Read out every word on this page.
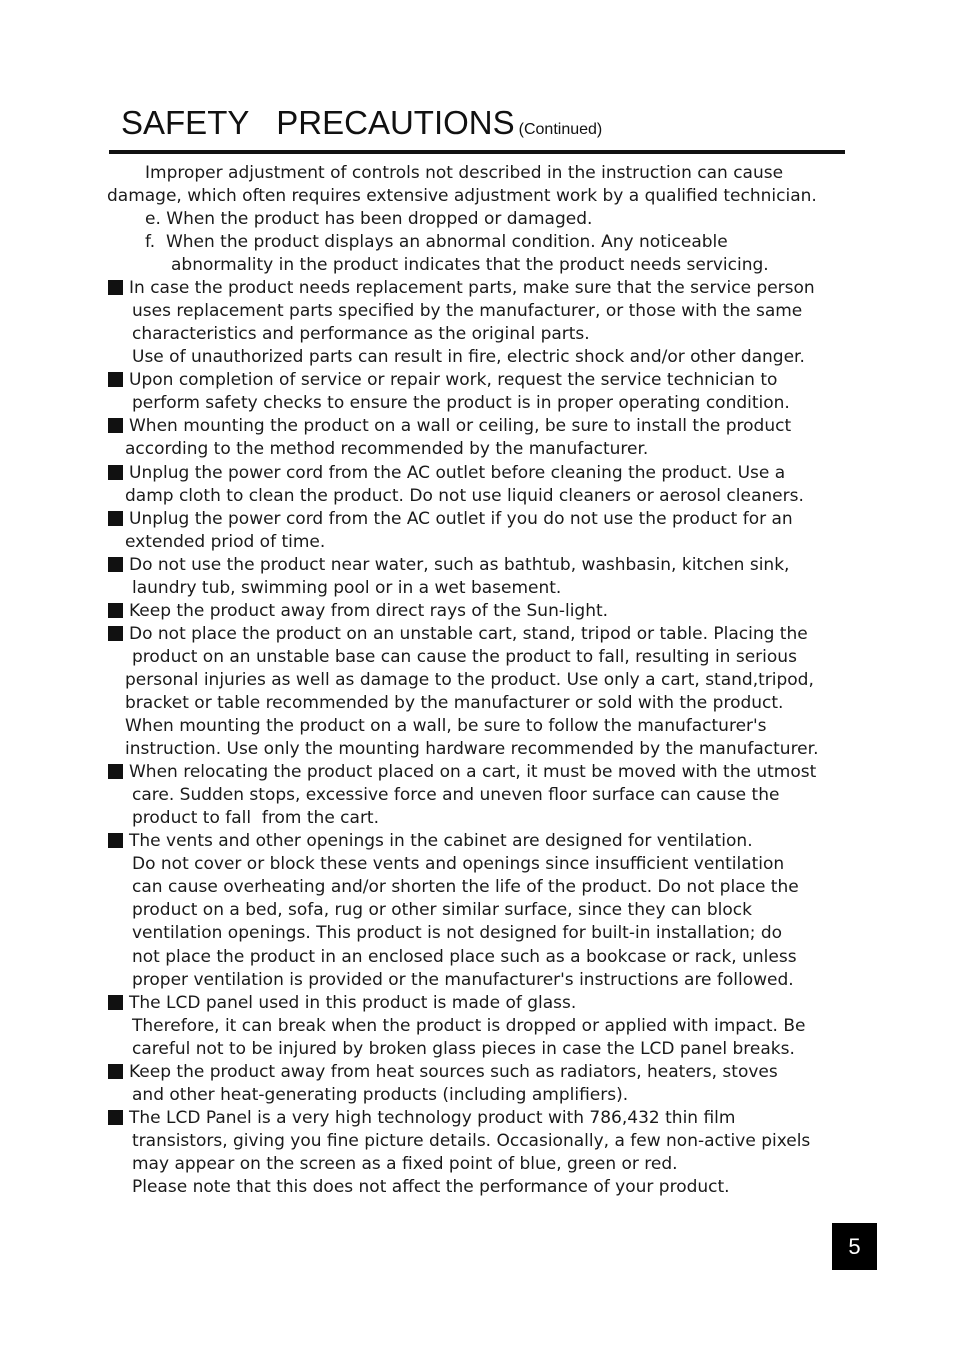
SAFETY   PRECAUTIONS (Continued)
Improper adjustment of controls not described in the instruction can cause
damage, which often requires extensive adjustment work by a qualified technician.
e. When the product has been dropped or damaged.
f.  When the product displays an abnormal condition. Any noticeable
abnormality in the product indicates that the product needs servicing.
In case the product needs replacement parts, make sure that the service person
uses replacement parts specified by the manufacturer, or those with the same
characteristics and performance as the original parts.
Use of unauthorized parts can result in fire, electric shock and/or other danger.
Upon completion of service or repair work, request the service technician to
perform safety checks to ensure the product is in proper operating condition.
When mounting the product on a wall or ceiling, be sure to install the product
according to the method recommended by the manufacturer.
Unplug the power cord from the AC outlet before cleaning the product. Use a
damp cloth to clean the product. Do not use liquid cleaners or aerosol cleaners.
Unplug the power cord from the AC outlet if you do not use the product for an
extended priod of time.
Do not use the product near water, such as bathtub, washbasin, kitchen sink,
laundry tub, swimming pool or in a wet basement.
Keep the product away from direct rays of the Sun-light.
Do not place the product on an unstable cart, stand, tripod or table. Placing the
product on an unstable base can cause the product to fall, resulting in serious
personal injuries as well as damage to the product. Use only a cart, stand,tripod,
bracket or table recommended by the manufacturer or sold with the product.
When mounting the product on a wall, be sure to follow the manufacturer's
instruction. Use only the mounting hardware recommended by the manufacturer.
When relocating the product placed on a cart, it must be moved with the utmost
care. Sudden stops, excessive force and uneven floor surface can cause the
product to fall  from the cart.
The vents and other openings in the cabinet are designed for ventilation.
Do not cover or block these vents and openings since insufficient ventilation
can cause overheating and/or shorten the life of the product. Do not place the
product on a bed, sofa, rug or other similar surface, since they can block
ventilation openings. This product is not designed for built-in installation; do
not place the product in an enclosed place such as a bookcase or rack, unless
proper ventilation is provided or the manufacturer's instructions are followed.
The LCD panel used in this product is made of glass.
Therefore, it can break when the product is dropped or applied with impact. Be
careful not to be injured by broken glass pieces in case the LCD panel breaks.
Keep the product away from heat sources such as radiators, heaters, stoves
and other heat-generating products (including amplifiers).
The LCD Panel is a very high technology product with 786,432 thin film
transistors, giving you fine picture details. Occasionally, a few non-active pixels
may appear on the screen as a fixed point of blue, green or red.
Please note that this does not affect the performance of your product.
5
